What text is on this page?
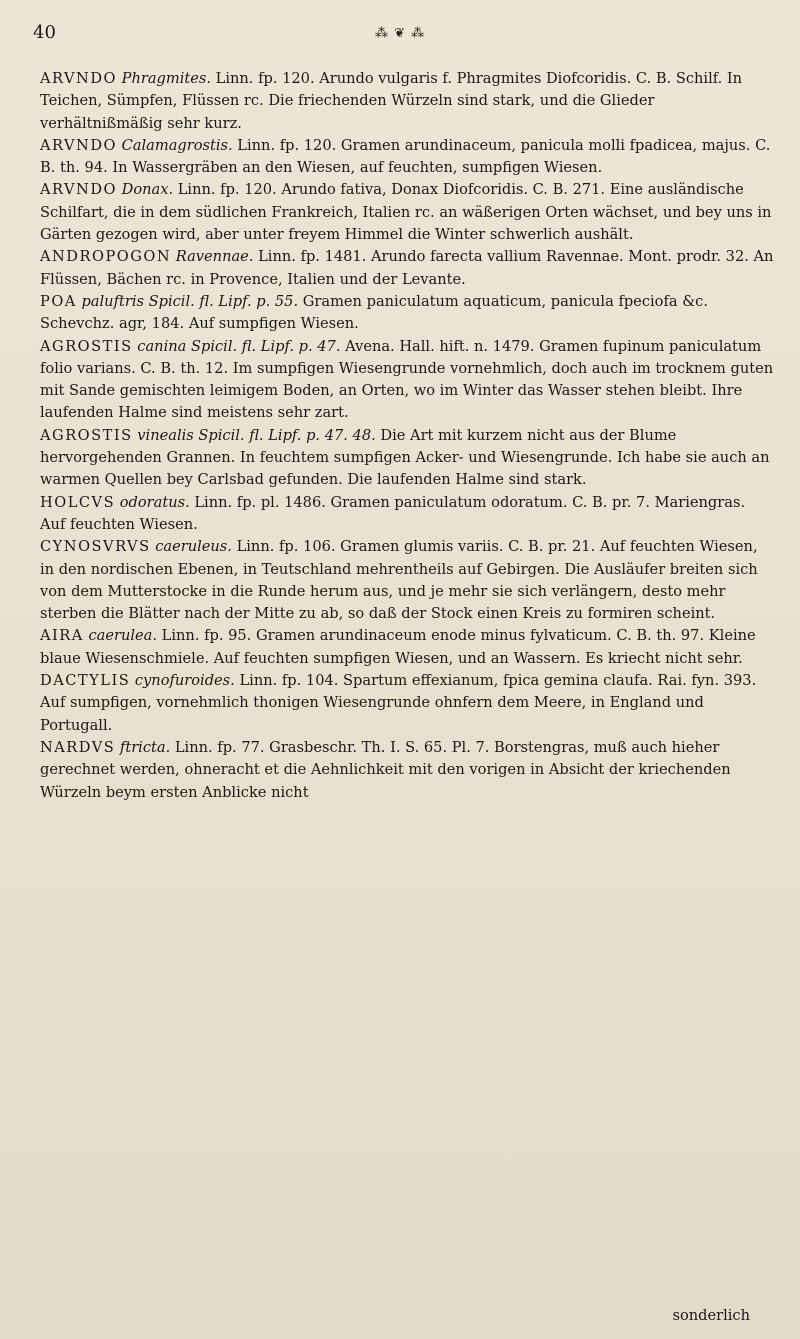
40	⁂ ❦ ⁂

ARVNDO Phragmites. Linn. fp. 120. Arundo vulgaris f. Phragmites Diofcoridis. C. B. Schilf. In Teichen, Sümpfen, Flüssen rc. Die friechenden Würzeln sind stark, und die Glieder verhältnißmäßig sehr kurz.

ARVNDO Calamagrostis. Linn. fp. 120. Gramen arundinaceum, panicula molli fpadicea, majus. C. B. th. 94. In Wassergräben an den Wiesen, auf feuchten, sumpfigen Wiesen.

ARVNDO Donax. Linn. fp. 120. Arundo fativa, Donax Diofcoridis. C. B. 271. Eine ausländische Schilfart, die in dem südlichen Frankreich, Italien rc. an wäßerigen Orten wächset, und bey uns in Gärten gezogen wird, aber unter freyem Himmel die Winter schwerlich aushält.

ANDROPOGON Ravennae. Linn. fp. 1481. Arundo farecta vallium Ravennae. Mont. prodr. 32. An Flüssen, Bächen rc. in Provence, Italien und der Levante.

POA paluftris Spicil. fl. Lipf. p. 55. Gramen paniculatum aquaticum, panicula fpeciofa &c. Schevchz. agr, 184. Auf sumpfigen Wiesen.

AGROSTIS canina Spicil. fl. Lipf. p. 47. Avena. Hall. hift. n. 1479. Gramen fupinum paniculatum folio varians. C. B. th. 12. Im sumpfigen Wiesengrunde vornehmlich, doch auch im trocknem guten mit Sande gemischten leimigem Boden, an Orten, wo im Winter das Wasser stehen bleibt. Ihre laufenden Halme sind meistens sehr zart.

AGROSTIS vinealis Spicil. fl. Lipf. p. 47. 48. Die Art mit kurzem nicht aus der Blume hervorgehenden Grannen. In feuchtem sumpfigen Acker- und Wiesengrunde. Ich habe sie auch an warmen Quellen bey Carlsbad gefunden. Die laufenden Halme sind stark.

HOLCVS odoratus. Linn. fp. pl. 1486. Gramen paniculatum odoratum. C. B. pr. 7. Mariengras. Auf feuchten Wiesen.

CYNOSVRVS caeruleus. Linn. fp. 106. Gramen glumis variis. C. B. pr. 21. Auf feuchten Wiesen, in den nordischen Ebenen, in Teutschland mehrentheils auf Gebirgen. Die Ausläufer breiten sich von dem Mutterstocke in die Runde herum aus, und je mehr sie sich verlängern, desto mehr sterben die Blätter nach der Mitte zu ab, so daß der Stock einen Kreis zu formiren scheint.

AIRA caerulea. Linn. fp. 95. Gramen arundinaceum enode minus fylvaticum. C. B. th. 97. Kleine blaue Wiesenschmiele. Auf feuchten sumpfigen Wiesen, und an Wassern. Es kriecht nicht sehr.

DACTYLIS cynofuroides. Linn. fp. 104. Spartum effexianum, fpica gemina claufa. Rai. fyn. 393. Auf sumpfigen, vornehmlich thonigen Wiesengrunde ohnfern dem Meere, in England und Portugall.

NARDVS ftricta. Linn. fp. 77. Grasbeschr. Th. I. S. 65. Pl. 7. Borstengras, muß auch hieher gerechnet werden, ohneracht et die Aehnlichkeit mit den vorigen in Absicht der kriechenden Würzeln beym ersten Anblicke nicht

sonderlich
